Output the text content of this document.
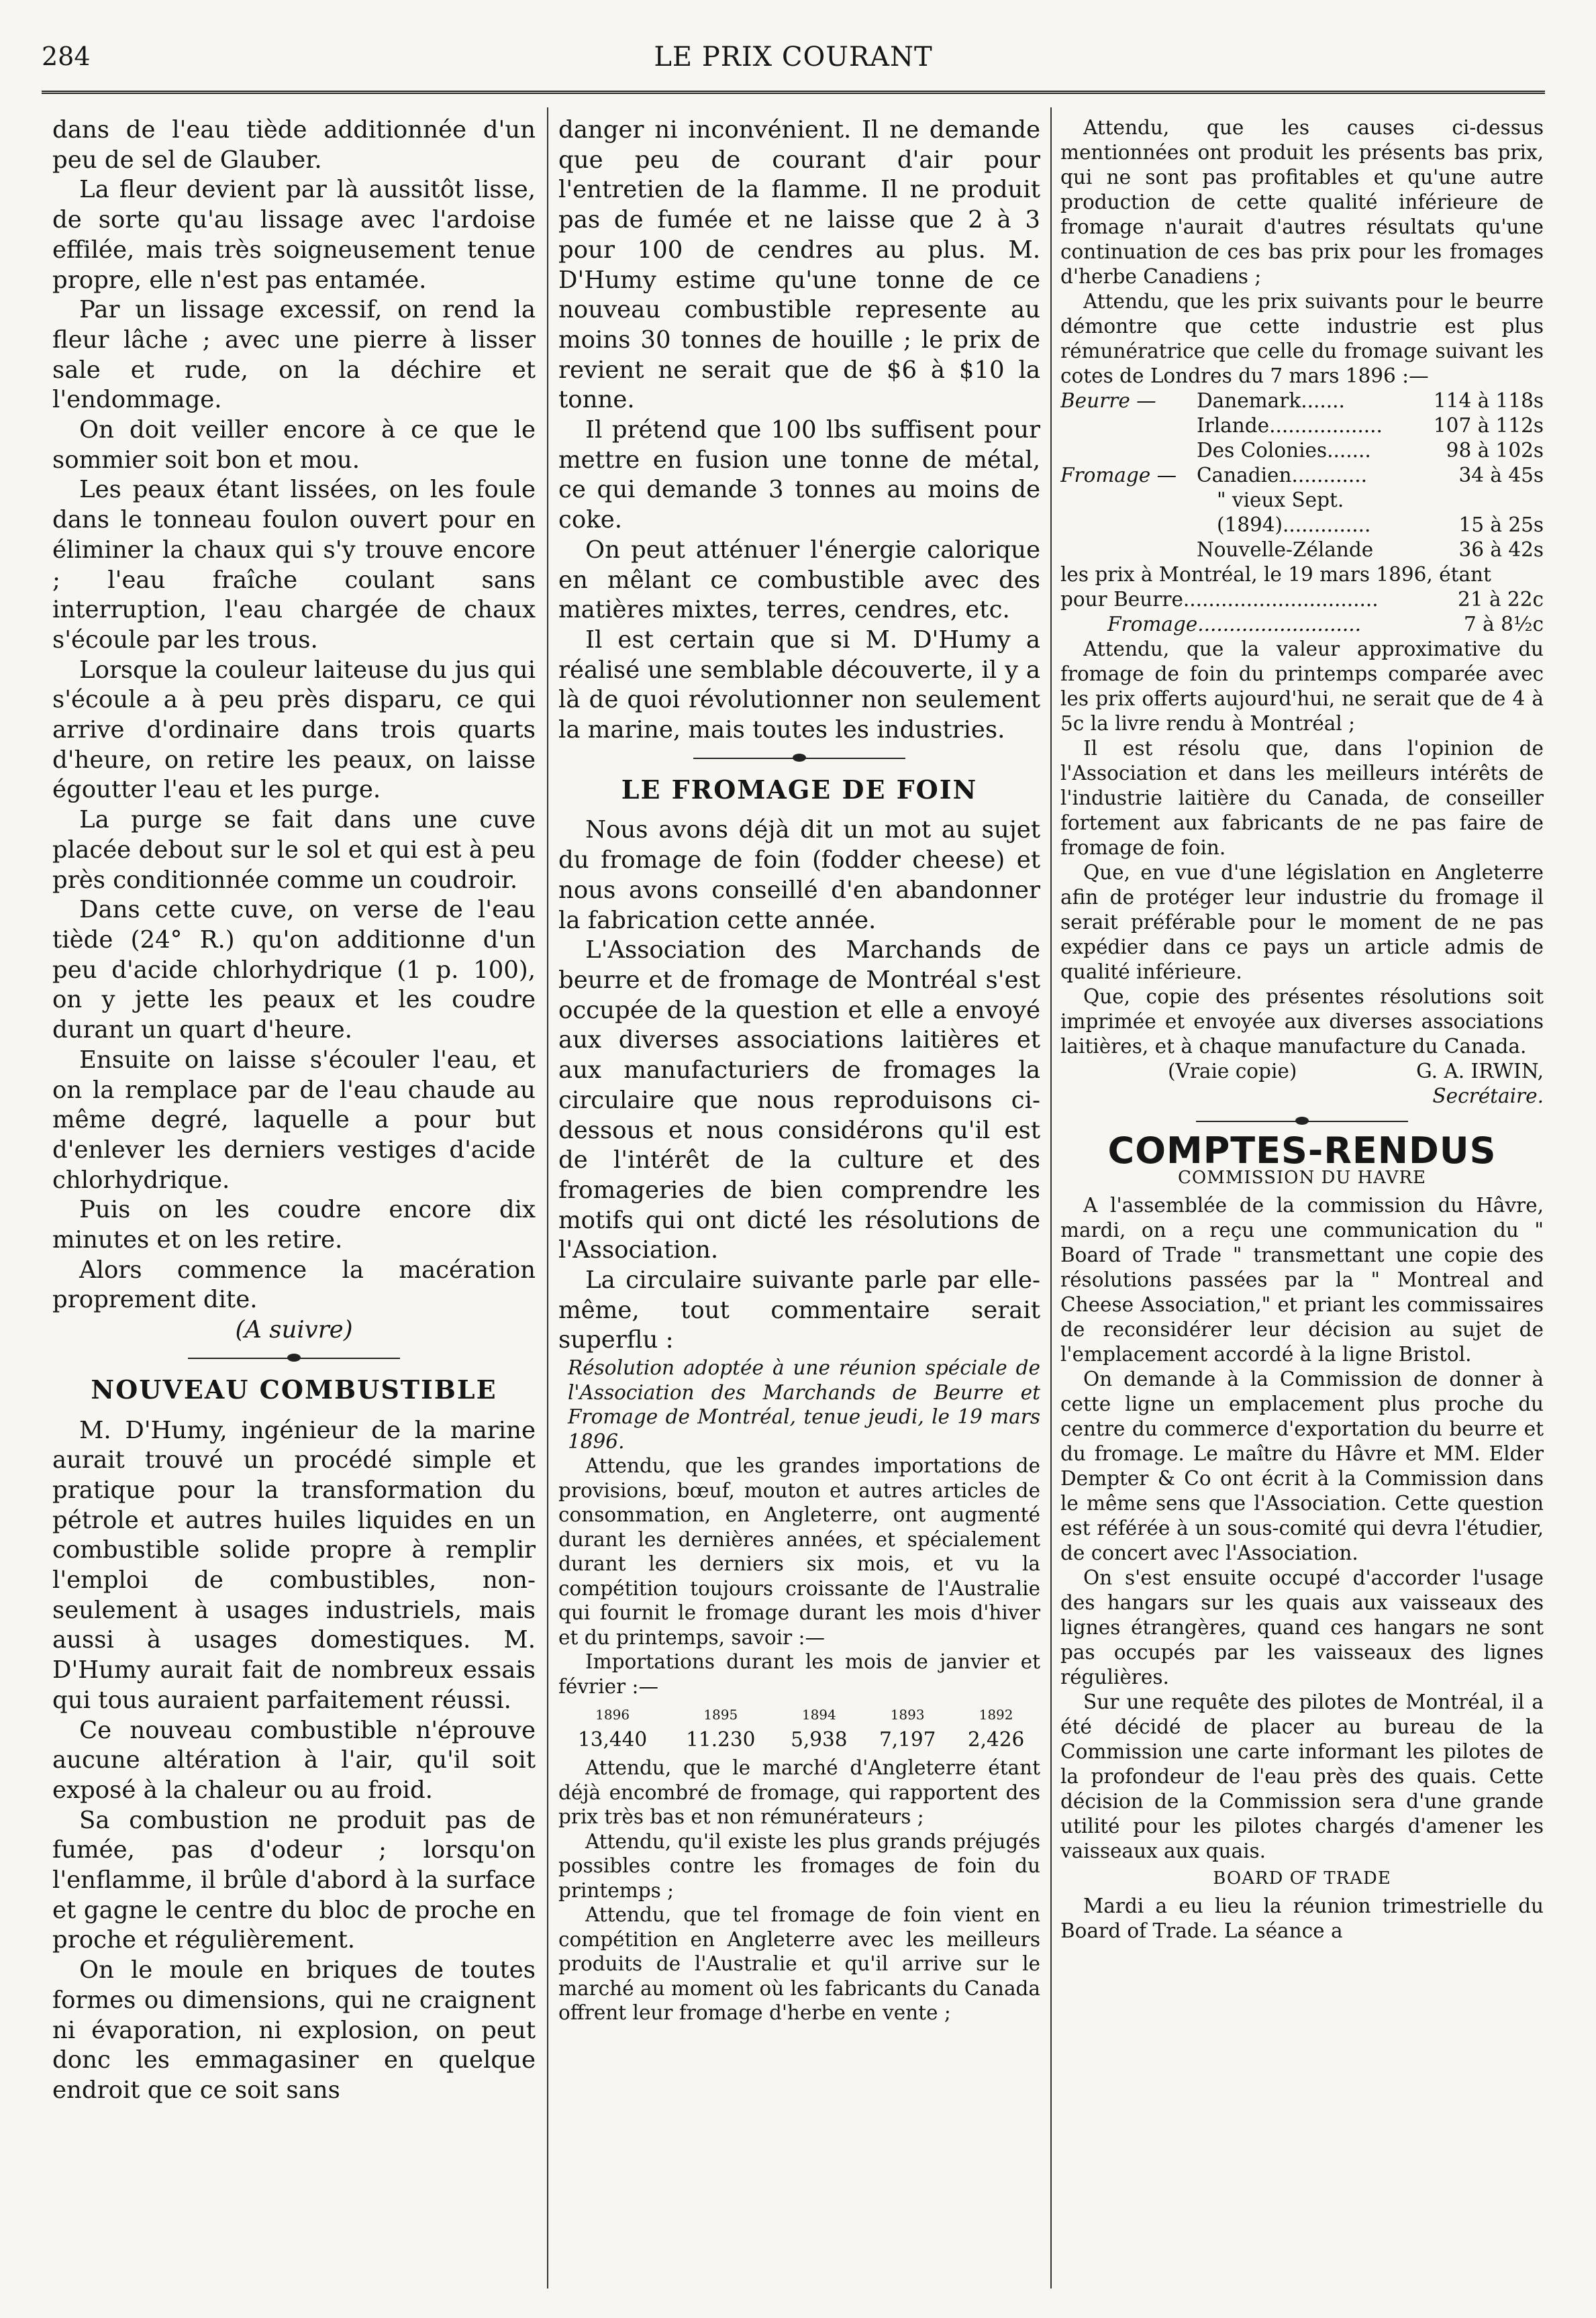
284	LE PRIX COURANT

dans de l'eau tiède additionnée d'un peu de sel de Glauber.

La fleur devient par là aussitôt lisse, de sorte qu'au lissage avec l'ardoise effilée, mais très soigneusement tenue propre, elle n'est pas entamée.

Par un lissage excessif, on rend la fleur lâche ; avec une pierre à lisser sale et rude, on la déchire et l'endommage.

On doit veiller encore à ce que le sommier soit bon et mou.

Les peaux étant lissées, on les foule dans le tonneau foulon ouvert pour en éliminer la chaux qui s'y trouve encore ; l'eau fraîche coulant sans interruption, l'eau chargée de chaux s'écoule par les trous.

Lorsque la couleur laiteuse du jus qui s'écoule a à peu près disparu, ce qui arrive d'ordinaire dans trois quarts d'heure, on retire les peaux, on laisse égoutter l'eau et les purge.

La purge se fait dans une cuve placée debout sur le sol et qui est à peu près conditionnée comme un coudroir.

Dans cette cuve, on verse de l'eau tiède (24° R.) qu'on additionne d'un peu d'acide chlorhydrique (1 p. 100), on y jette les peaux et les coudre durant un quart d'heure.

Ensuite on laisse s'écouler l'eau, et on la remplace par de l'eau chaude au même degré, laquelle a pour but d'enlever les derniers vestiges d'acide chlorhydrique.

Puis on les coudre encore dix minutes et on les retire.

Alors commence la macération proprement dite.

(A suivre)

NOUVEAU COMBUSTIBLE

M. D'Humy, ingénieur de la marine aurait trouvé un procédé simple et pratique pour la transformation du pétrole et autres huiles liquides en un combustible solide propre à remplir l'emploi de combustibles, non-seulement à usages industriels, mais aussi à usages domestiques. M. D'Humy aurait fait de nombreux essais qui tous auraient parfaitement réussi.

Ce nouveau combustible n'éprouve aucune altération à l'air, qu'il soit exposé à la chaleur ou au froid.

Sa combustion ne produit pas de fumée, pas d'odeur ; lorsqu'on l'enflamme, il brûle d'abord à la surface et gagne le centre du bloc de proche en proche et régulièrement.

On le moule en briques de toutes formes ou dimensions, qui ne craignent ni évaporation, ni explosion, on peut donc les emmagasiner en quelque endroit que ce soit sans

danger ni inconvénient. Il ne demande que peu de courant d'air pour l'entretien de la flamme. Il ne produit pas de fumée et ne laisse que 2 à 3 pour 100 de cendres au plus. M. D'Humy estime qu'une tonne de ce nouveau combustible represente au moins 30 tonnes de houille ; le prix de revient ne serait que de $6 à $10 la tonne.

Il prétend que 100 lbs suffisent pour mettre en fusion une tonne de métal, ce qui demande 3 tonnes au moins de coke.

On peut atténuer l'énergie calorique en mêlant ce combustible avec des matières mixtes, terres, cendres, etc.

Il est certain que si M. D'Humy a réalisé une semblable découverte, il y a là de quoi révolutionner non seulement la marine, mais toutes les industries.

LE FROMAGE DE FOIN

Nous avons déjà dit un mot au sujet du fromage de foin (fodder cheese) et nous avons conseillé d'en abandonner la fabrication cette année.

L'Association des Marchands de beurre et de fromage de Montréal s'est occupée de la question et elle a envoyé aux diverses associations laitières et aux manufacturiers de fromages la circulaire que nous reproduisons ci-dessous et nous considérons qu'il est de l'intérêt de la culture et des fromageries de bien comprendre les motifs qui ont dicté les résolutions de l'Association.

La circulaire suivante parle par elle-même, tout commentaire serait superflu :

Résolution adoptée à une réunion spéciale de l'Association des Marchands de Beurre et Fromage de Montréal, tenue jeudi, le 19 mars 1896.

Attendu, que les grandes importations de provisions, bœuf, mouton et autres articles de consommation, en Angleterre, ont augmenté durant les dernières années, et spécialement durant les derniers six mois, et vu la compétition toujours croissante de l'Australie qui fournit le fromage durant les mois d'hiver et du printemps, savoir :—

Importations durant les mois de janvier et février :—

1896	1895	1894	1893	1892
13,440	11.230	5,938	7,197	2,426

Attendu, que le marché d'Angleterre étant déjà encombré de fromage, qui rapportent des prix très bas et non rémunérateurs ;

Attendu, qu'il existe les plus grands préjugés possibles contre les fromages de foin du printemps ;

Attendu, que tel fromage de foin vient en compétition en Angleterre avec les meilleurs produits de l'Australie et qu'il arrive sur le marché au moment où les fabricants du Canada offrent leur fromage d'herbe en vente ;

Attendu, que les causes ci-dessus mentionnées ont produit les présents bas prix, qui ne sont pas profitables et qu'une autre production de cette qualité inférieure de fromage n'aurait d'autres résultats qu'une continuation de ces bas prix pour les fromages d'herbe Canadiens ;

Attendu, que les prix suivants pour le beurre démontre que cette industrie est plus rémunératrice que celle du fromage suivant les cotes de Londres du 7 mars 1896 :—

Beurre —	Danemark.......	114 à 118s
	Irlande..................	107 à 112s
	Des Colonies.......	98 à 102s
Fromage —	Canadien............	34 à 45s
	" vieux Sept.	
	(1894)..............	15 à 25s
	Nouvelle-Zélande	36 à 42s

les prix à Montréal, le 19 mars 1896, étant

pour Beurre...............................	21 à 22c
Fromage..........................	7 à 8½c

Attendu, que la valeur approximative du fromage de foin du printemps comparée avec les prix offerts aujourd'hui, ne serait que de 4 à 5c la livre rendu à Montréal ;

Il est résolu que, dans l'opinion de l'Association et dans les meilleurs intérêts de l'industrie laitière du Canada, de conseiller fortement aux fabricants de ne pas faire de fromage de foin.

Que, en vue d'une législation en Angleterre afin de protéger leur industrie du fromage il serait préférable pour le moment de ne pas expédier dans ce pays un article admis de qualité inférieure.

Que, copie des présentes résolutions soit imprimée et envoyée aux diverses associations laitières, et à chaque manufacture du Canada.

(Vraie copie)	G. A. IRWIN,
Secrétaire.
COMPTES-RENDUS
COMMISSION DU HAVRE

A l'assemblée de la commission du Hâvre, mardi, on a reçu une communication du " Board of Trade " transmettant une copie des résolutions passées par la " Montreal and Cheese Association," et priant les commissaires de reconsidérer leur décision au sujet de l'emplacement accordé à la ligne Bristol.

On demande à la Commission de donner à cette ligne un emplacement plus proche du centre du commerce d'exportation du beurre et du fromage. Le maître du Hâvre et MM. Elder Dempter & Co ont écrit à la Commission dans le même sens que l'Association. Cette question est référée à un sous-comité qui devra l'étudier, de concert avec l'Association.

On s'est ensuite occupé d'accorder l'usage des hangars sur les quais aux vaisseaux des lignes étrangères, quand ces hangars ne sont pas occupés par les vaisseaux des lignes régulières.

Sur une requête des pilotes de Montréal, il a été décidé de placer au bureau de la Commission une carte informant les pilotes de la profondeur de l'eau près des quais. Cette décision de la Commission sera d'une grande utilité pour les pilotes chargés d'amener les vaisseaux aux quais.

BOARD OF TRADE

Mardi a eu lieu la réunion trimestrielle du Board of Trade. La séance a
